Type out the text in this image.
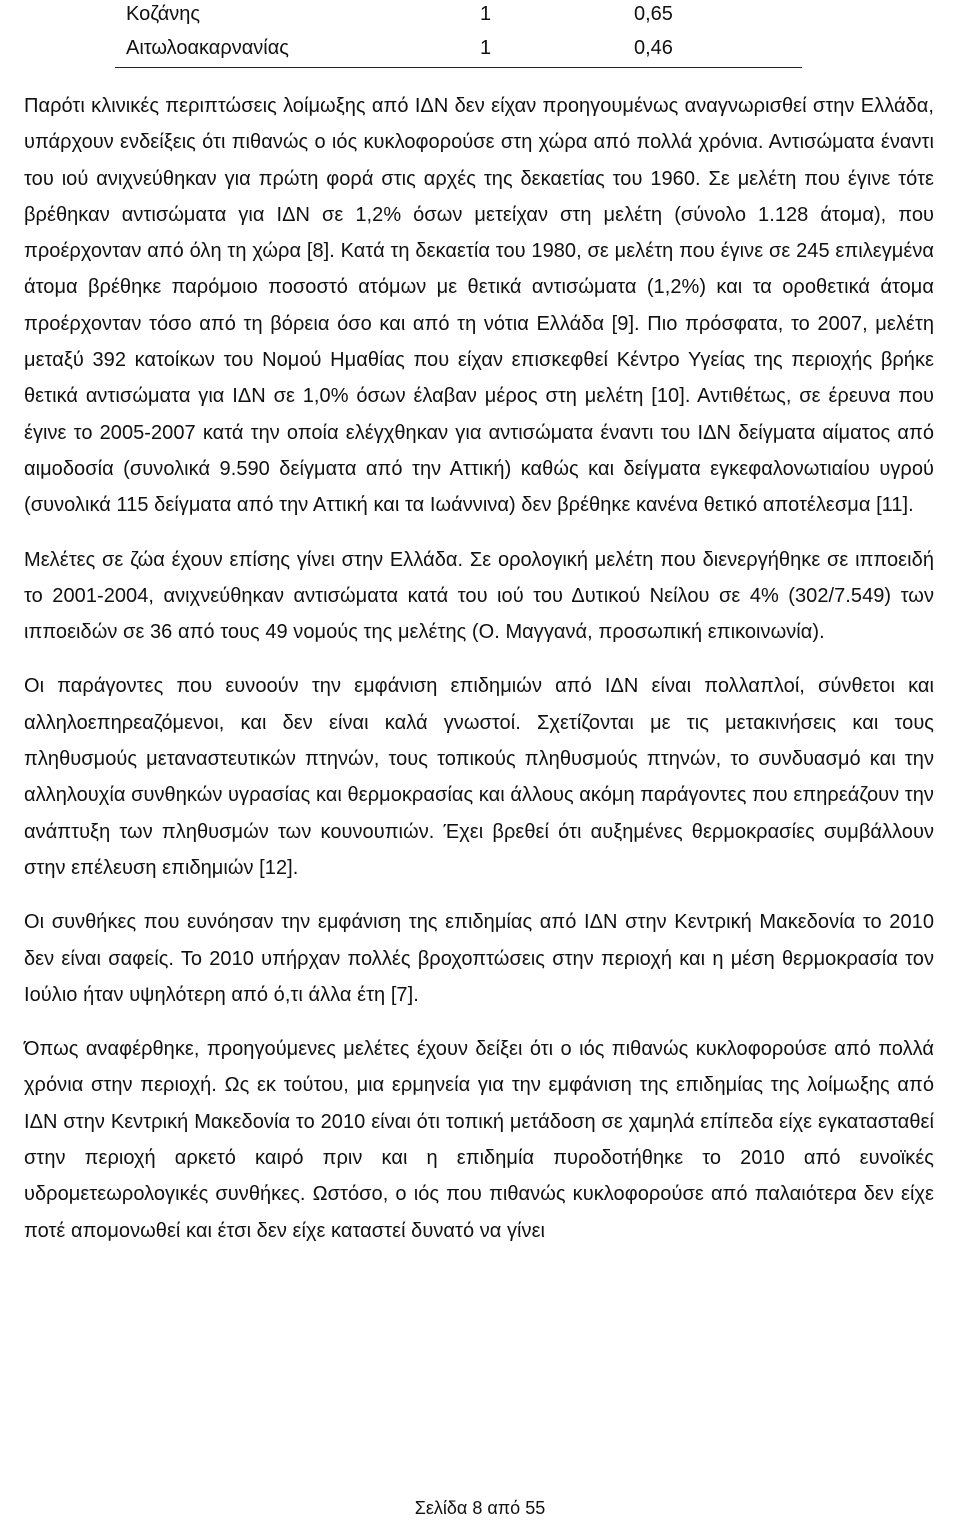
Κοζάνης	1	0,65
Αιτωλοακαρνανίας	1	0,46

Παρότι κλινικές περιπτώσεις λοίμωξης από ΙΔΝ δεν είχαν προηγουμένως αναγνωρισθεί στην Ελλάδα, υπάρχουν ενδείξεις ότι πιθανώς ο ιός κυκλοφορούσε στη χώρα από πολλά χρόνια. Αντισώματα έναντι του ιού ανιχνεύθηκαν για πρώτη φορά στις αρχές της δεκαετίας του 1960. Σε μελέτη που έγινε τότε βρέθηκαν αντισώματα για ΙΔΝ σε 1,2% όσων μετείχαν στη μελέτη (σύνολο 1.128 άτομα), που προέρχονταν από όλη τη χώρα [8]. Κατά τη δεκαετία του 1980, σε μελέτη που έγινε σε 245 επιλεγμένα άτομα βρέθηκε παρόμοιο ποσοστό ατόμων με θετικά αντισώματα (1,2%) και τα οροθετικά άτομα προέρχονταν τόσο από τη βόρεια όσο και από τη νότια Ελλάδα [9]. Πιο πρόσφατα, το 2007, μελέτη μεταξύ 392 κατοίκων του Νομού Ημαθίας που είχαν επισκεφθεί Κέντρο Υγείας της περιοχής βρήκε θετικά αντισώματα για ΙΔΝ σε 1,0% όσων έλαβαν μέρος στη μελέτη [10]. Αντιθέτως, σε έρευνα που έγινε το 2005-2007 κατά την οποία ελέγχθηκαν για αντισώματα έναντι του ΙΔΝ δείγματα αίματος από αιμοδοσία (συνολικά 9.590 δείγματα από την Αττική) καθώς και δείγματα εγκεφαλονωτιαίου υγρού (συνολικά 115 δείγματα από την Αττική και τα Ιωάννινα) δεν βρέθηκε κανένα θετικό αποτέλεσμα [11].

Μελέτες σε ζώα έχουν επίσης γίνει στην Ελλάδα. Σε ορολογική μελέτη που διενεργήθηκε σε ιπποειδή το 2001-2004, ανιχνεύθηκαν αντισώματα κατά του ιού του Δυτικού Νείλου σε 4% (302/7.549) των ιπποειδών σε 36 από τους 49 νομούς της μελέτης (Ο. Μαγγανά, προσωπική επικοινωνία).

Οι παράγοντες που ευνοούν την εμφάνιση επιδημιών από ΙΔΝ είναι πολλαπλοί, σύνθετοι και αλληλοεπηρεαζόμενοι, και δεν είναι καλά γνωστοί. Σχετίζονται με τις μετακινήσεις και τους πληθυσμούς μεταναστευτικών πτηνών, τους τοπικούς πληθυσμούς πτηνών, το συνδυασμό και την αλληλουχία συνθηκών υγρασίας και θερμοκρασίας και άλλους ακόμη παράγοντες που επηρεάζουν την ανάπτυξη των πληθυσμών των κουνουπιών. Έχει βρεθεί ότι αυξημένες θερμοκρασίες συμβάλλουν στην επέλευση επιδημιών [12].

Οι συνθήκες που ευνόησαν την εμφάνιση της επιδημίας από ΙΔΝ στην Κεντρική Μακεδονία το 2010 δεν είναι σαφείς. Το 2010 υπήρχαν πολλές βροχοπτώσεις στην περιοχή και η μέση θερμοκρασία τον Ιούλιο ήταν υψηλότερη από ό,τι άλλα έτη [7].

Όπως αναφέρθηκε, προηγούμενες μελέτες έχουν δείξει ότι ο ιός πιθανώς κυκλοφορούσε από πολλά χρόνια στην περιοχή. Ως εκ τούτου, μια ερμηνεία για την εμφάνιση της επιδημίας της λοίμωξης από ΙΔΝ στην Κεντρική Μακεδονία το 2010 είναι ότι τοπική μετάδοση σε χαμηλά επίπεδα είχε εγκατασταθεί στην περιοχή αρκετό καιρό πριν και η επιδημία πυροδοτήθηκε το 2010 από ευνοϊκές υδρομετεωρολογικές συνθήκες. Ωστόσο, ο ιός που πιθανώς κυκλοφορούσε από παλαιότερα δεν είχε ποτέ απομονωθεί και έτσι δεν είχε καταστεί δυνατό να γίνει

Σελίδα 8 από 55
